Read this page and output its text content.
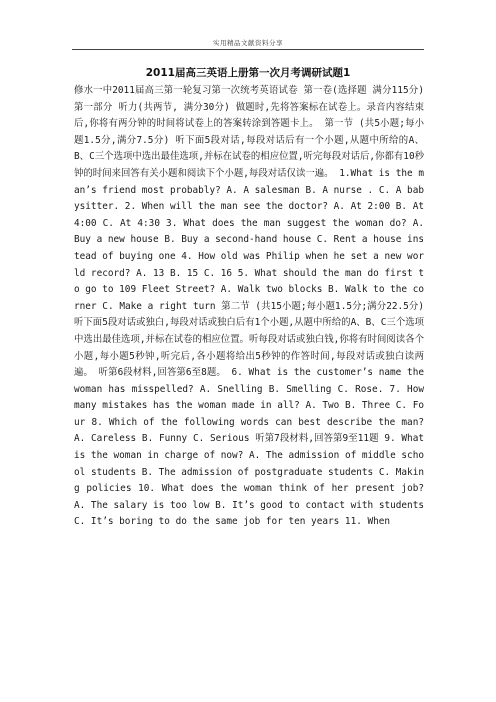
实用精品文献资料分享
2011届高三英语上册第一次月考调研试题1

修水一中2011届高三第一轮复习第一次统考英语试卷 第一卷(选择题 满分115分) 第一部分 听力(共两节, 满分30分) 做题时,先将答案标在试卷上。录音内容结束后,你将有两分钟的时间将试卷上的答案转涂到答题卡上。 第一节 (共5小题;每小题1.5分,满分7.5分) 听下面5段对话,每段对话后有一个小题,从题中所给的A、B、C三个选项中选出最佳选项,并标在试卷的相应位置,听完每段对话后,你都有10秒钟的时间来回答有关小题和阅读下个小题,每段对话仅读一遍。 1.What is the man’s friend most probably? A. A salesman B. A nurse . C. A babysitter. 2. When will the man see the doctor? A. At 2:00 B. At 4:00 C. At 4:30 3. What does the man suggest the woman do? A. Buy a new house B. Buy a second-hand house C. Rent a house instead of buying one 4. How old was Philip when he set a new world record? A. 13 B. 15 C. 16 5. What should the man do first to go to 109 Fleet Street? A. Walk two blocks B. Walk to the corner C. Make a right turn 第二节 (共15小题;每小题1.5分;满分22.5分) 听下面5段对话或独白,每段对话或独白后有1个小题,从题中所给的A、B、C三个选项中选出最佳选项,并标在试卷的相应位置。听每段对话或独白钱,你将有时间阅读各个小题,每小题5秒钟,听完后,各小题将给出5秒钟的作答时间,每段对话或独白读两遍。 听第6段材料,回答第6至8题。 6. What is the customer’s name the woman has misspelled? A. Snelling B. Smelling C. Rose. 7. How many mistakes has the woman made in all? A. Two B. Three C. Four 8. Which of the following words can best describe the man? A. Careless B. Funny C. Serious 听第7段材料,回答第9至11题 9. What is the woman in charge of now? A. The admission of middle school students B. The admission of postgraduate students C. Making policies 10. What does the woman think of her present job? A. The salary is too low B. It’s good to contact with students C. It’s boring to do the same job for ten years 11. When
